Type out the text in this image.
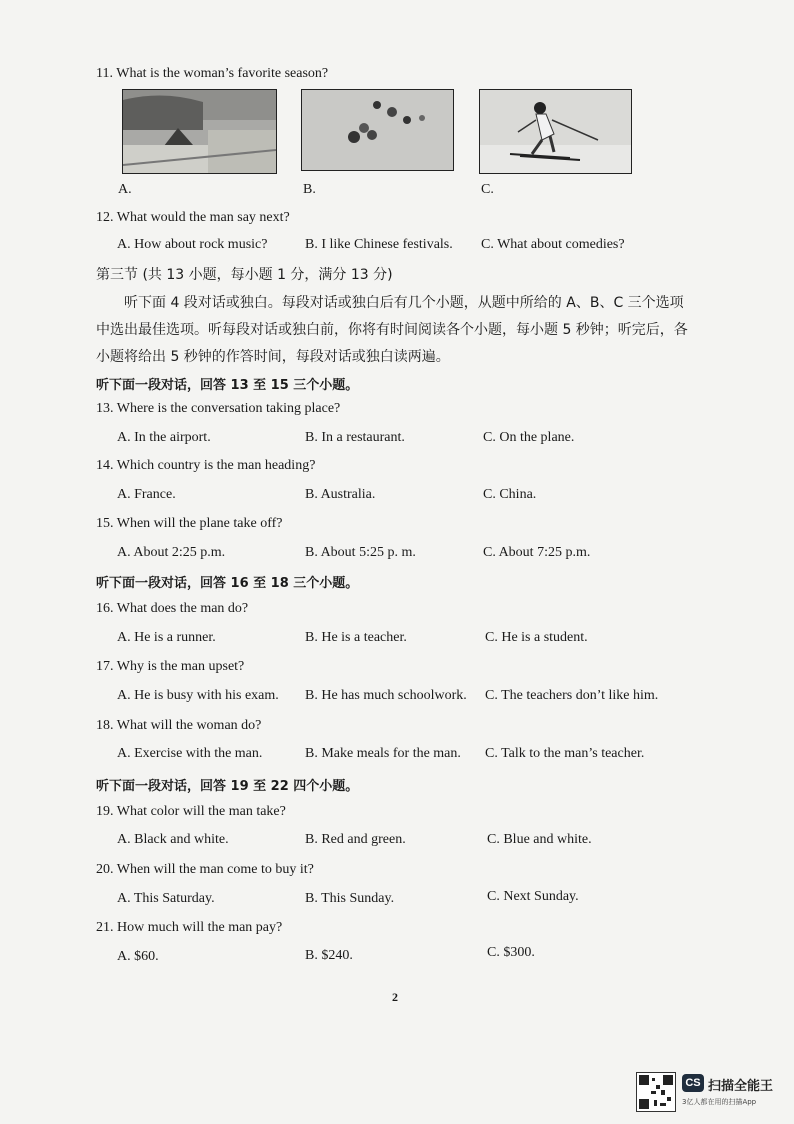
11. What is the woman’s favorite season?
A.	B.	C.
12. What would the man say next?
A. How about rock music?	B. I like Chinese festivals. C. What about comedies?
第三节 (共 13 小题，每小题 1 分，满分 13 分)
听下面 4 段对话或独白。每段对话或独白后有几个小题，从题中所给的 A、B、C 三个选项
中选出最佳选项。听每段对话或独白前，你将有时间阅读各个小题，每小题 5 秒钟；听完后，各
小题将给出 5 秒钟的作答时间，每段对话或独白读两遍。
听下面一段对话，回答 13 至 15 三个小题。
13. Where is the conversation taking place?
A. In the airport.	B. In a restaurant.	C. On the plane.
14. Which country is the man heading?
A. France.	B. Australia.	C. China.
15. When will the plane take off?
A. About 2:25 p.m.	B. About 5:25 p. m.	C. About 7:25 p.m.
听下面一段对话，回答 16 至 18 三个小题。
16. What does the man do?
A. He is a runner.	B. He is a teacher.	C. He is a student.
17. Why is the man upset?
A. He is busy with his exam. B. He has much schoolwork. C. The teachers don’t like him.
18. What will the woman do?
A. Exercise with the man.	B. Make meals for the man. C. Talk to the man’s teacher.
听下面一段对话，回答 19 至 22 四个小题。
19. What color will the man take?
A. Black and white.	B. Red and green.	C. Blue and white.
20. When will the man come to buy it?
A. This Saturday.	B. This Sunday.	C. Next Sunday.
21. How much will the man pay?
A. $60.	B. $240.	C. $300.
2
CS 扫描全能王
3亿人都在用的扫描App
